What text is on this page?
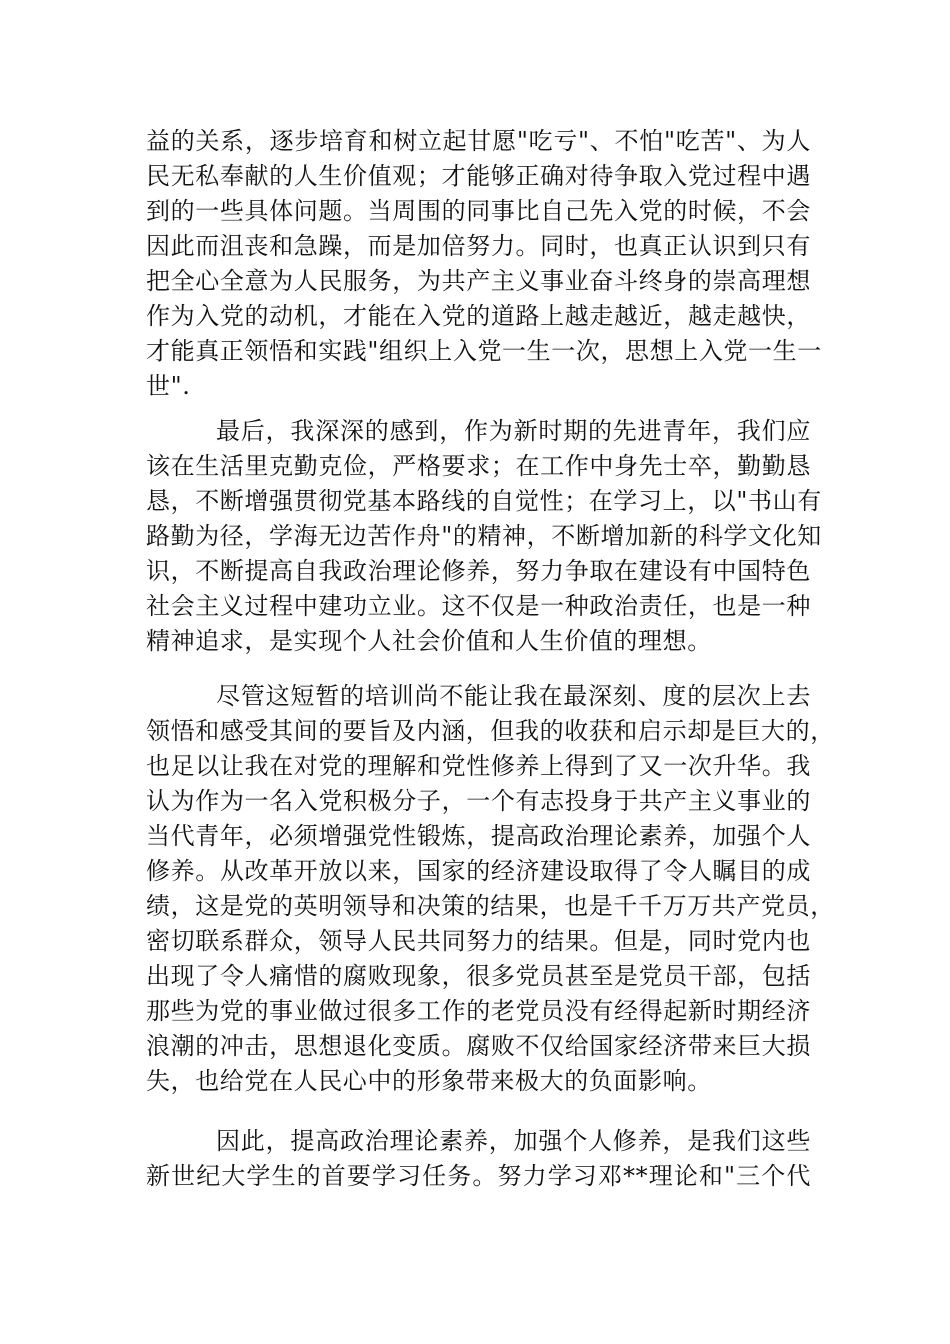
益的关系，逐步培育和树立起甘愿"吃亏"、不怕"吃苦"、为人
民无私奉献的人生价值观；才能够正确对待争取入党过程中遇
到的一些具体问题。当周围的同事比自己先入党的时候，不会
因此而沮丧和急躁，而是加倍努力。同时，也真正认识到只有
把全心全意为人民服务，为共产主义事业奋斗终身的崇高理想
作为入党的动机，才能在入党的道路上越走越近，越走越快，
才能真正领悟和实践"组织上入党一生一次，思想上入党一生一
世".
最后，我深深的感到，作为新时期的先进青年，我们应
该在生活里克勤克俭，严格要求；在工作中身先士卒，勤勤恳
恳，不断增强贯彻党基本路线的自觉性；在学习上，以"书山有
路勤为径，学海无边苦作舟"的精神，不断增加新的科学文化知
识，不断提高自我政治理论修养，努力争取在建设有中国特色
社会主义过程中建功立业。这不仅是一种政治责任，也是一种
精神追求，是实现个人社会价值和人生价值的理想。
尽管这短暂的培训尚不能让我在最深刻、度的层次上去
领悟和感受其间的要旨及内涵，但我的收获和启示却是巨大的，
也足以让我在对党的理解和党性修养上得到了又一次升华。我
认为作为一名入党积极分子，一个有志投身于共产主义事业的
当代青年，必须增强党性锻炼，提高政治理论素养，加强个人
修养。从改革开放以来，国家的经济建设取得了令人瞩目的成
绩，这是党的英明领导和决策的结果，也是千千万万共产党员，
密切联系群众，领导人民共同努力的结果。但是，同时党内也
出现了令人痛惜的腐败现象，很多党员甚至是党员干部，包括
那些为党的事业做过很多工作的老党员没有经得起新时期经济
浪潮的冲击，思想退化变质。腐败不仅给国家经济带来巨大损
失，也给党在人民心中的形象带来极大的负面影响。
因此，提高政治理论素养，加强个人修养，是我们这些
新世纪大学生的首要学习任务。努力学习邓**理论和"三个代
